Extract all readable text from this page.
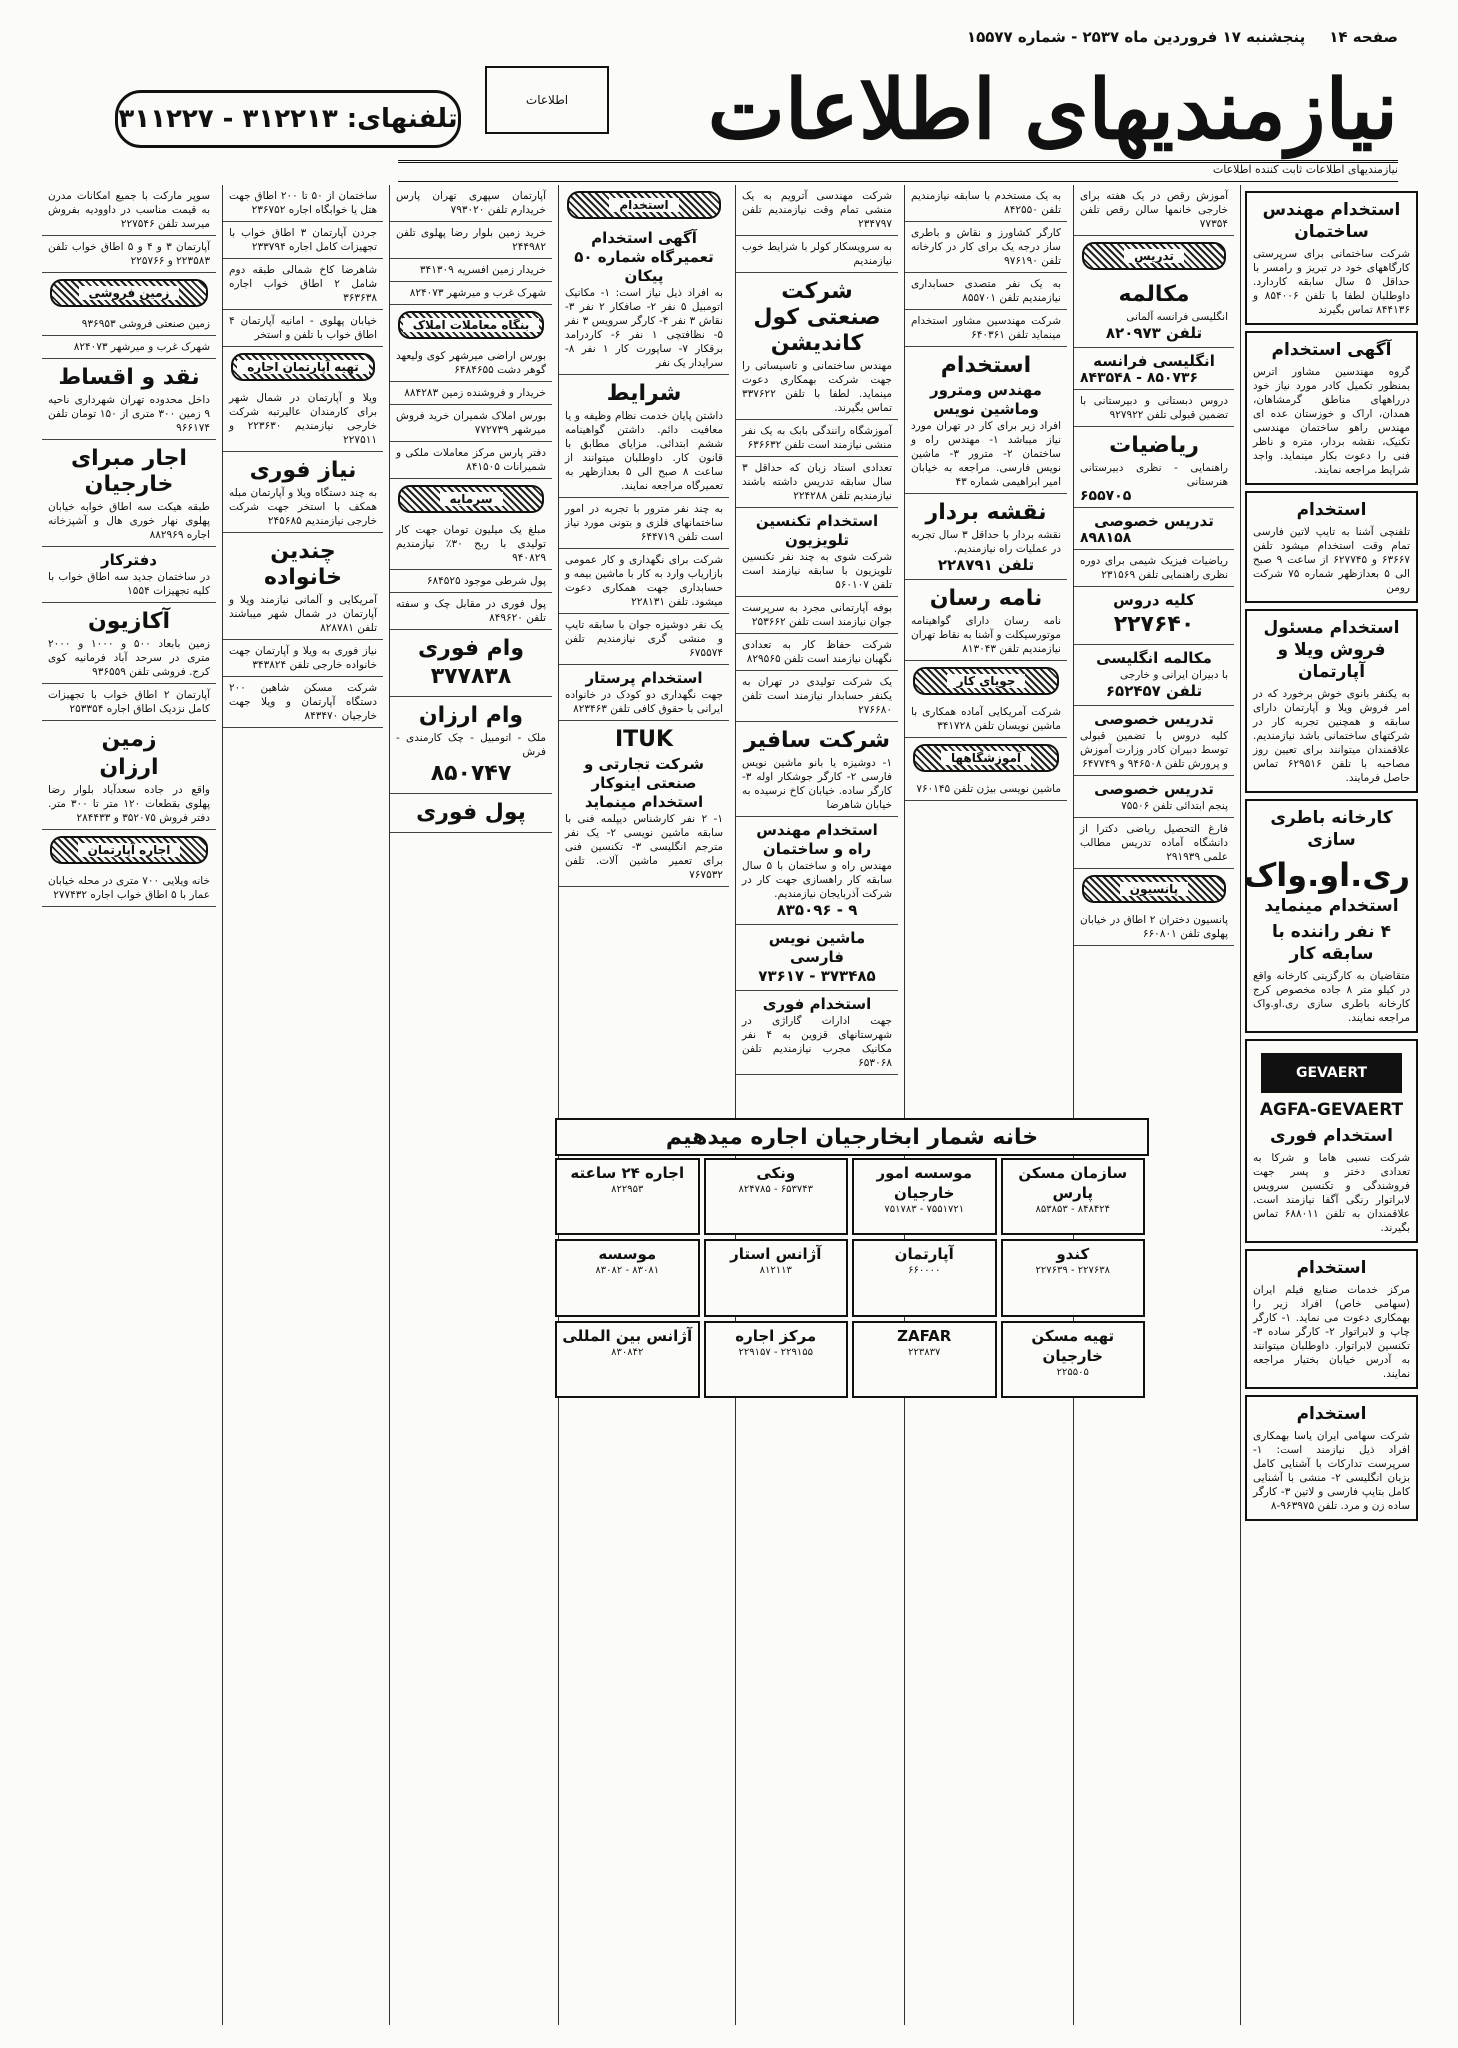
صفحه ۱۴
پنجشنبه ۱۷ فروردین ماه ۲۵۳۷ - شماره ۱۵۵۷۷
نیازمندیهای اطلاعات
نیازمندیهای اطلاعات ثابت کننده اطلاعات
اطلاعات
تلفنهای: ۳۱۲۲۱۳ - ۳۱۱۲۲۷
استخدام مهندس ساختمان
شرکت ساختمانی برای سرپرستی کارگاههای خود در تبریز و رامسر با حداقل ۵ سال سابقه کاردارد. داوطلبان لطفا با تلفن ۸۵۴۰۰۶ و ۸۴۴۱۳۶ تماس بگیرند
آگهی استخدام
گروه مهندسین مشاور اترس بمنظور تکمیل کادر مورد نیاز خود درراههای مناطق گرمشاهان، همدان، اراک و خوزستان عده ای مهندس راهو ساختمان مهندسی تکنیک، نقشه بردار، متره و ناظر فنی را دعوت بکار مینماید. واجد شرایط مراجعه نمایند.
استخدام
تلفنچی آشنا به تایپ لاتین فارسی تمام وقت استخدام میشود تلفن ۶۳۶۶۷ و ۶۲۷۷۴۵ از ساعت ۹ صبح الی ۵ بعدازظهر شماره ۷۵ شرکت رومن
استخدام مسئول فروش ویلا و آپارتمان
به یکنفر بانوی خوش برخورد که در امر فروش ویلا و آپارتمان دارای سابقه و همچنین تجربه کار در شرکتهای ساختمانی باشد نیازمندیم. علاقمندان میتوانند برای تعیین روز مصاحبه با تلفن ۶۲۹۵۱۶ تماس حاصل فرمایند.
کارخانه باطری سازی
ری.او.واک
استخدام مینماید
۴ نفر راننده با سابقه کار
متقاضیان به کارگزینی کارخانه واقع در کیلو متر ۸ جاده مخصوص کرج کارخانه باطری سازی ری.او.واک مراجعه نمایند.
GEVAERT
AGFA-GEVAERT
استخدام فوری
شرکت نسبی هاما و شرکا به تعدادی دختر و پسر جهت فروشندگی و تکنسین سرویس لابراتوار رنگی آگفا نیازمند است. علاقمندان به تلفن ۶۸۸۰۱۱ تماس بگیرند.
استخدام
مرکز خدمات صنایع فیلم ایران (سهامی خاص) افراد زیر را بهمکاری دعوت می نماید. ۱- کارگر چاپ و لابراتوار ۲- کارگر ساده ۳- تکنسین لابراتوار. داوطلبان میتوانند به آدرس خیابان بختیار مراجعه نمایند.
استخدام
شرکت سهامی ایران یاسا بهمکاری افراد ذیل نیازمند است: ۱- سرپرست تدارکات با آشنایی کامل بزبان انگلیسی ۲- منشی با آشنایی کامل بتایپ فارسی و لاتین ۳- کارگر ساده زن و مرد. تلفن ۹۶۳۹۷۵-۸
آموزش رقص در یک هفته برای خارجی خانمها سالن رقص تلفن ۷۷۳۵۴
تدریس
مکالمه
انگلیسی فرانسه آلمانی
تلفن ۸۲۰۹۷۳
انگلیسی فرانسه
۸۴۳۵۴۸ - ۸۵۰۷۳۶
دروس دبستانی و دبیرستانی با تضمین قبولی تلفن ۹۲۷۹۲۲
ریاضیات
راهنمایی - نظری دبیرستانی هنرستانی
۶۵۵۷۰۵
تدریس خصوصی
۸۹۸۱۵۸
ریاضیات فیزیک شیمی برای دوره نظری راهنمایی تلفن ۲۳۱۵۶۹
کلیه دروس
۲۲۷۶۴۰
مکالمه انگلیسی
با دبیران ایرانی و خارجی
تلفن ۶۵۲۴۵۷
تدریس خصوصی
کلیه دروس با تضمین قبولی توسط دبیران کادر وزارت آموزش و پرورش تلفن ۹۴۶۵۰۸ و ۶۴۷۷۴۹
تدریس خصوصی
پنجم ابتدائی تلفن ۷۵۵۰۶
فارغ التحصیل ریاضی دکترا از دانشگاه آماده تدریس مطالب علمی ۲۹۱۹۳۹
پانسیون
پانسیون دختران ۲ اطاق در خیابان پهلوی تلفن ۶۶۰۸۰۱
به یک مستخدم با سابقه نیازمندیم تلفن ۸۴۲۵۵۰
کارگر کشاورز و نقاش و باطری ساز درجه یک برای کار در کارخانه تلفن ۹۷۶۱۹۰
به یک نفر متصدی حسابداری نیازمندیم تلفن ۸۵۵۷۰۱
شرکت مهندسین مشاور استخدام مینماید تلفن ۶۴۰۳۶۱
استخدام
مهندس ومترور وماشین نویس
افراد زیر برای کار در تهران مورد نیاز میباشد ۱- مهندس راه و ساختمان ۲- مترور ۳- ماشین نویس فارسی. مراجعه به خیابان امیر ابراهیمی شماره ۴۳
نقشه بردار
نقشه بردار با حداقل ۳ سال تجربه در عملیات راه نیازمندیم.
تلفن ۲۲۸۷۹۱
نامه رسان
نامه رسان دارای گواهینامه موتورسیکلت و آشنا به نقاط تهران نیازمندیم تلفن ۸۱۳۰۴۳
جویای کار
شرکت آمریکایی آماده همکاری با ماشین نویسان تلفن ۳۴۱۷۲۸
آموزشگاهها
ماشین نویسی بیژن تلفن ۷۶۰۱۴۵
شرکت مهندسی آترویم به یک منشی تمام وقت نیازمندیم تلفن ۲۳۴۷۹۷
به سرویسکار کولر با شرایط خوب نیازمندیم
شرکت صنعتی کول کاندیشن
مهندس ساختمانی و تاسیساتی را جهت شرکت بهمکاری دعوت مینماید. لطفا با تلفن ۳۳۷۶۲۲ تماس بگیرند.
آموزشگاه رانندگی بابک به یک نفر منشی نیازمند است تلفن ۶۳۶۶۳۲
تعدادی استاد زبان که حداقل ۳ سال سابقه تدریس داشته باشند نیازمندیم تلفن ۲۲۴۲۸۸
استخدام تکنسین تلویزیون
شرکت شوی به چند نفر تکنسین تلویزیون با سابقه نیازمند است تلفن ۵۶۰۱۰۷
بوفه آپارتمانی مجرد به سرپرست جوان نیازمند است تلفن ۲۵۳۶۶۲
شرکت حفاظ کار به تعدادی نگهبان نیازمند است تلفن ۸۲۹۵۶۵
یک شرکت تولیدی در تهران به یکنفر حسابدار نیازمند است تلفن ۲۷۶۶۸۰
شرکت سافیر
۱- دوشیزه یا بانو ماشین نویس فارسی ۲- کارگر جوشکار اوله ۳- کارگر ساده. خیابان کاخ نرسیده به خیابان شاهرضا
استخدام مهندس
راه و ساختمان
مهندس راه و ساختمان با ۵ سال سابقه کار راهسازی جهت کار در شرکت آذربایجان نیازمندیم.
۹ - ۸۳۵۰۹۶
ماشین نویس فارسی
۳۷۳۴۸۵ - ۷۳۶۱۷
استخدام فوری
جهت ادارات گاراژی در شهرستانهای قزوین به ۴ نفر مکانیک مجرب نیازمندیم تلفن ۶۵۳۰۶۸
استخدام
آگهی استخدام
تعمیرگاه شماره ۵۰ پیکان
به افراد ذیل نیاز است: ۱- مکانیک اتومبیل ۵ نفر ۲- صافکار ۲ نفر ۳- نقاش ۳ نفر ۴- کارگر سرویس ۳ نفر ۵- نظافتچی ۱ نفر ۶- کاردرامد برقکار ۷- ساپورت کار ۱ نفر ۸- سرایدار یک نفر
شرایط
داشتن پایان خدمت نظام وظیفه و یا معافیت دائم. داشتن گواهینامه ششم ابتدائی. مزایای مطابق با قانون کار. داوطلبان میتوانند از ساعت ۸ صبح الی ۵ بعدازظهر به تعمیرگاه مراجعه نمایند.
به چند نفر مترور با تجربه در امور ساختمانهای فلزی و بتونی مورد نیاز است تلفن ۶۴۴۷۱۹
شرکت برای نگهداری و کار عمومی بازاریاب وارد به کار با ماشین بیمه و حسابداری جهت همکاری دعوت میشود. تلفن ۲۲۸۱۳۱
یک نفر دوشیزه جوان با سابقه تایپ و منشی گری نیازمندیم تلفن ۶۷۵۵۷۴
استخدام پرستار
جهت نگهداری دو کودک در خانواده ایرانی با حقوق کافی تلفن ۸۲۳۴۶۳
ITUK
شرکت تجارتی و صنعتی اینوکار استخدام مینماید
۱- ۲ نفر کارشناس دیپلمه فنی با سابقه ماشین نویسی ۲- یک نفر مترجم انگلیسی ۳- تکنسین فنی برای تعمیر ماشین آلات. تلفن ۷۶۷۵۳۲
آپارتمان سپهری تهران پارس خریدارم تلفن ۷۹۳۰۲۰
خرید زمین بلوار رضا پهلوی تلفن ۲۴۴۹۸۲
خریدار زمین افسریه ۳۴۱۳۰۹
شهرک غرب و میرشهر ۸۲۴۰۷۳
بنگاه معاملات املاک
بورس اراضی میرشهر کوی ولیعهد گوهر دشت ۶۴۸۴۶۵۵
خریدار و فروشنده زمین ۸۸۴۲۸۳
بورس املاک شمیران خرید فروش میرشهر ۷۷۲۷۳۹
دفتر پارس مرکز معاملات ملکی و شمیرانات ۸۴۱۵۰۵
سرمایه
مبلغ یک میلیون تومان جهت کار تولیدی با ربح ۳۰٪ نیازمندیم ۹۴۰۸۲۹
پول شرطی موجود ۶۸۴۵۲۵
پول فوری در مقابل چک و سفته تلفن ۸۴۹۶۲۰
وام فوری
۳۷۷۸۳۸
وام ارزان
ملک - اتومبیل - چک کارمندی - فرش
۸۵۰۷۴۷
پول فوری
ساختمان از ۵۰ تا ۲۰۰ اطاق جهت هتل یا خوابگاه اجاره ۲۳۶۷۵۲
جردن آپارتمان ۳ اطاق خواب با تجهیزات کامل اجاره ۲۳۳۷۹۴
شاهرضا کاخ شمالی طبقه دوم شامل ۲ اطاق خواب اجاره ۳۶۳۶۳۸
خیابان پهلوی - امانیه آپارتمان ۴ اطاق خواب با تلفن و استخر
تهیه آپارتمان اجاره
ویلا و آپارتمان در شمال شهر برای کارمندان عالیرتبه شرکت خارجی نیازمندیم ۲۲۳۶۳۰ و ۲۲۷۵۱۱
نیاز فوری
به چند دستگاه ویلا و آپارتمان مبله همکف با استخر جهت شرکت خارجی نیازمندیم ۲۴۵۶۸۵
چندین خانواده
آمریکایی و آلمانی نیازمند ویلا و آپارتمان در شمال شهر میباشند تلفن ۸۲۸۷۸۱
نیاز فوری به ویلا و آپارتمان جهت خانواده خارجی تلفن ۳۴۳۸۲۴
شرکت مسکن شاهین ۲۰۰ دستگاه آپارتمان و ویلا جهت خارجیان ۸۴۳۴۷۰
سوپر مارکت با جمیع امکانات مدرن به قیمت مناسب در داوودیه بفروش میرسد تلفن ۲۲۷۵۴۶
آپارتمان ۳ و ۴ و ۵ اطاق خواب تلفن ۲۲۳۵۸۳ و ۲۲۵۷۶۶
زمین فروشی
زمین صنعتی فروشی ۹۳۶۹۵۳
شهرک غرب و میرشهر ۸۲۴۰۷۳
نقد و اقساط
داخل محدوده تهران شهرداری ناحیه ۹ زمین ۳۰۰ متری از ۱۵۰ تومان تلفن ۹۶۶۱۷۴
اجار مبرای خارجیان
طبقه هیکت سه اطاق خوابه خیابان پهلوی نهار خوری هال و آشپزخانه اجاره ۸۸۲۹۶۹
دفترکار
در ساختمان جدید سه اطاق خواب با کلیه تجهیزات ۱۵۵۴
آکازیون
زمین بابعاد ۵۰۰ و ۱۰۰۰ و ۲۰۰۰ متری در سرحد آباد فرمانیه کوی کرج. فروشی تلفن ۹۳۶۵۵۹
آپارتمان ۲ اطاق خواب با تجهیزات کامل نزدیک اطاق اجاره ۲۵۳۳۵۴
زمین
ارزان
واقع در جاده سعدآباد بلوار رضا پهلوی بقطعات ۱۲۰ متر تا ۳۰۰ متر. دفتر فروش ۳۵۲۰۷۵ و ۲۸۴۴۳۳
اجاره آپارتمان
خانه ویلایی ۷۰۰ متری در محله خیابان عمار با ۵ اطاق خواب اجاره ۲۷۷۴۳۲
خانه شمار ابخارجیان اجاره میدهیم
سازمان مسکن پارس
۸۴۸۴۲۴ - ۸۵۳۸۵۳
موسسه امور خارجیان
۷۵۵۱۷۲۱ - ۷۵۱۷۸۳
ونکی
۶۵۳۷۴۳ - ۸۲۴۷۸۵
اجاره ۲۴ ساعته
۸۲۲۹۵۳
کندو
۲۲۷۶۳۸ - ۲۲۷۶۳۹
آپارتمان
۶۶۰۰۰۰
آژانس استار
۸۱۲۱۱۳
موسسه
۸۳۰۸۱ - ۸۳۰۸۲
تهیه مسکن خارجیان
۲۲۵۵۰۵
ZAFAR
۲۲۳۸۳۷
مرکز اجاره
۲۲۹۱۵۵ - ۲۲۹۱۵۷
آژانس بین المللی
۸۳۰۸۴۲
